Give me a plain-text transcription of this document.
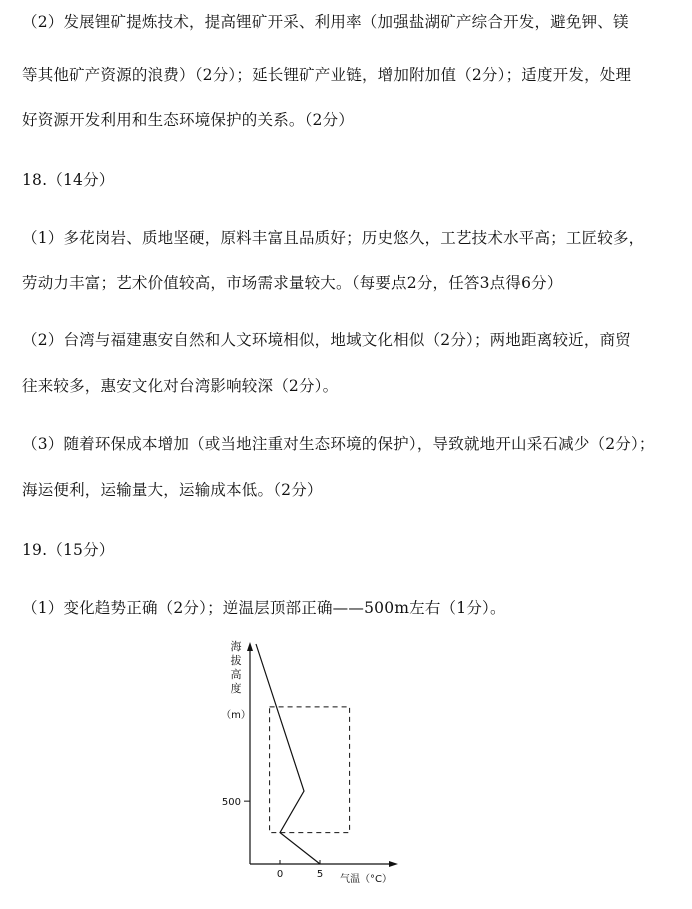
（2）发展锂矿提炼技术，提高锂矿开采、利用率（加强盐湖矿产综合开发，避免钾、镁
等其他矿产资源的浪费）（2分）；延长锂矿产业链，增加附加值（2分）；适度开发，处理
好资源开发利用和生态环境保护的关系。（2分）
18.（14分）
（1）多花岗岩、质地坚硬，原料丰富且品质好；历史悠久，工艺技术水平高；工匠较多，
劳动力丰富；艺术价值较高，市场需求量较大。（每要点2分，任答3点得6分）
（2）台湾与福建惠安自然和人文环境相似，地域文化相似（2分）；两地距离较近，商贸
往来较多，惠安文化对台湾影响较深（2分）。
（3）随着环保成本增加（或当地注重对生态环境的保护），导致就地开山采石减少（2分）；
海运便利，运输量大，运输成本低。（2分）
19.（15分）
（1）变化趋势正确（2分）；逆温层顶部正确——500m左右（1分）。
海
拔
高
度
（m）
0	5
500
气温（°C）
